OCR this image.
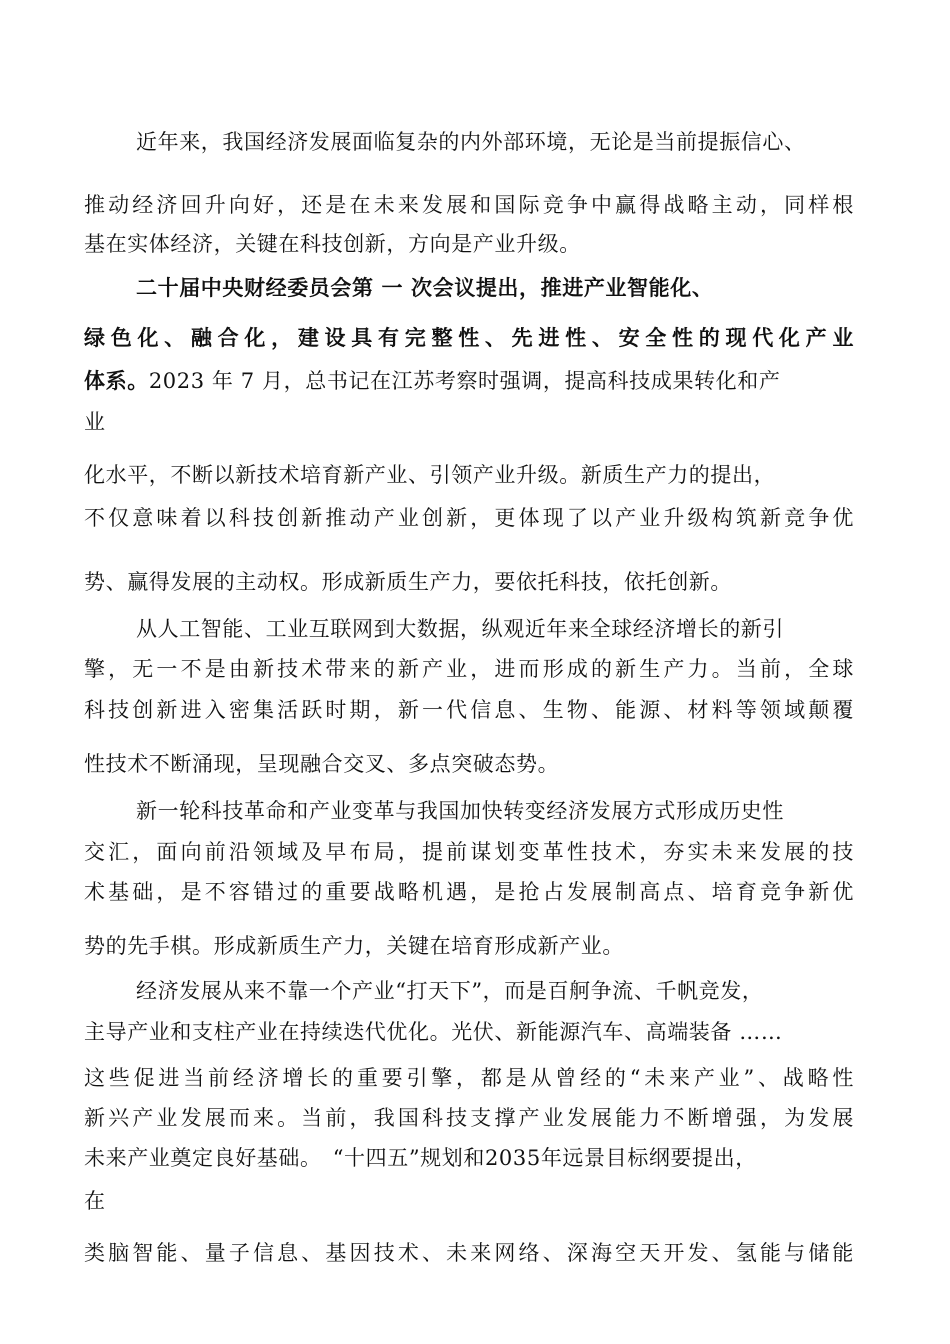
近年来，我国经济发展面临复杂的内外部环境，无论是当前提振信心、
推动经济回升向好，还是在未来发展和国际竞争中赢得战略主动，同样根
基在实体经济，关键在科技创新，方向是产业升级。
二十届中央财经委员会第 一 次会议提出，推进产业智能化、
绿色化、融合化，建设具有完整性、先进性、安全性的现代化产业
体系。2023 年 7 月，总书记在江苏考察时强调，提高科技成果转化和产
业
化水平，不断以新技术培育新产业、引领产业升级。新质生产力的提出，
不仅意味着以科技创新推动产业创新，更体现了以产业升级构筑新竞争优
势、赢得发展的主动权。形成新质生产力，要依托科技，依托创新。
从人工智能、工业互联网到大数据，纵观近年来全球经济增长的新引
擎，无一不是由新技术带来的新产业，进而形成的新生产力。当前，全球
科技创新进入密集活跃时期，新一代信息、生物、能源、材料等领域颠覆
性技术不断涌现，呈现融合交叉、多点突破态势。
新一轮科技革命和产业变革与我国加快转变经济发展方式形成历史性
交汇，面向前沿领域及早布局，提前谋划变革性技术，夯实未来发展的技
术基础，是不容错过的重要战略机遇，是抢占发展制高点、培育竞争新优
势的先手棋。形成新质生产力，关键在培育形成新产业。
经济发展从来不靠一个产业“打天下”，而是百舸争流、千帆竞发，
主导产业和支柱产业在持续迭代优化。光伏、新能源汽车、高端装备 ……
这些促进当前经济增长的重要引擎，都是从曾经的“未来产业”、战略性
新兴产业发展而来。当前，我国科技支撑产业发展能力不断增强，为发展
未来产业奠定良好基础。　“十四五”规划和2035年远景目标纲要提出，
在
类脑智能、量子信息、基因技术、未来网络、深海空天开发、氢能与储能
